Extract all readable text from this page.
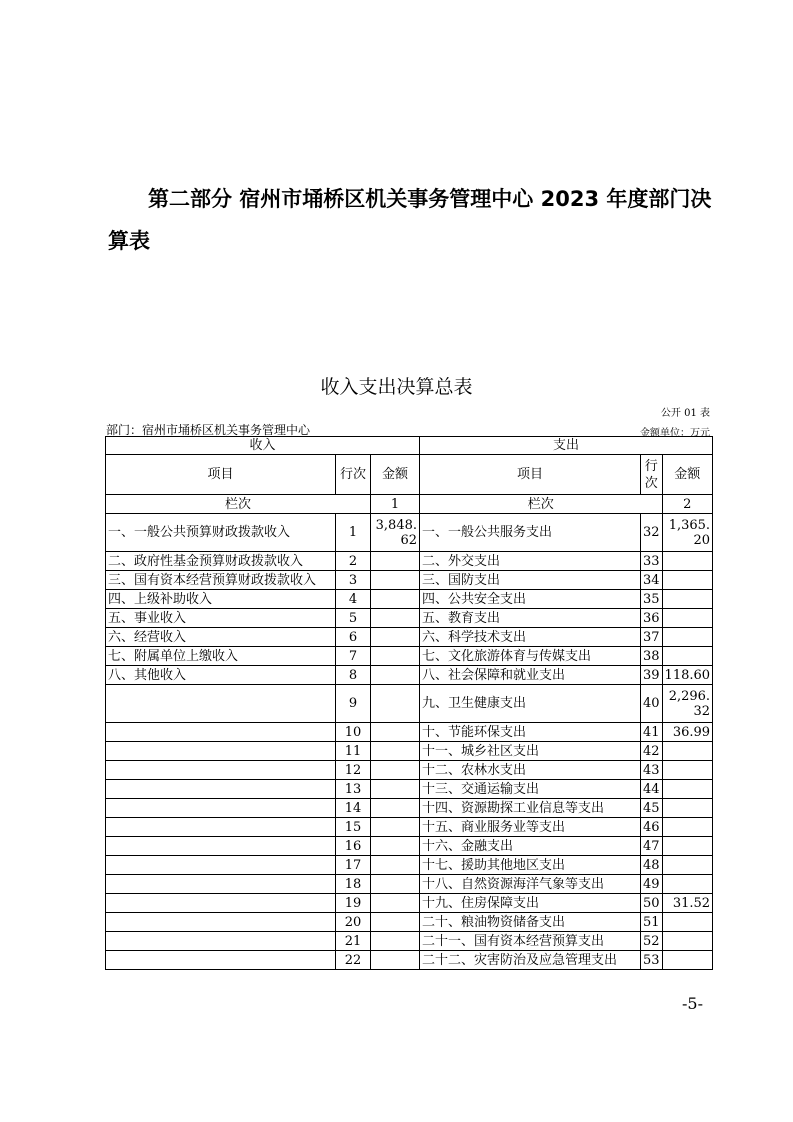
第二部分 宿州市埇桥区机关事务管理中心 2023 年度部门决
算表
收入支出决算总表
公开 01 表
部门：宿州市埇桥区机关事务管理中心	金额单位：万元
收入			支出		
项目	行次	金额	项目	行次	金额
栏次		1	栏次		2
一、一般公共预算财政拨款收入	1	3,848.62	一、一般公共服务支出	32	1,365.20
二、政府性基金预算财政拨款收入	2		二、外交支出	33	
三、国有资本经营预算财政拨款收入	3		三、国防支出	34	
四、上级补助收入	4		四、公共安全支出	35	
五、事业收入	5		五、教育支出	36	
六、经营收入	6		六、科学技术支出	37	
七、附属单位上缴收入	7		七、文化旅游体育与传媒支出	38	
八、其他收入	8		八、社会保障和就业支出	39	118.60
	9		九、卫生健康支出	40	2,296.32
	10		十、节能环保支出	41	36.99
	11		十一、城乡社区支出	42	
	12		十二、农林水支出	43	
	13		十三、交通运输支出	44	
	14		十四、资源勘探工业信息等支出	45	
	15		十五、商业服务业等支出	46	
	16		十六、金融支出	47	
	17		十七、援助其他地区支出	48	
	18		十八、自然资源海洋气象等支出	49	
	19		十九、住房保障支出	50	31.52
	20		二十、粮油物资储备支出	51	
	21		二十一、国有资本经营预算支出	52	
	22		二十二、灾害防治及应急管理支出	53	
-5-
